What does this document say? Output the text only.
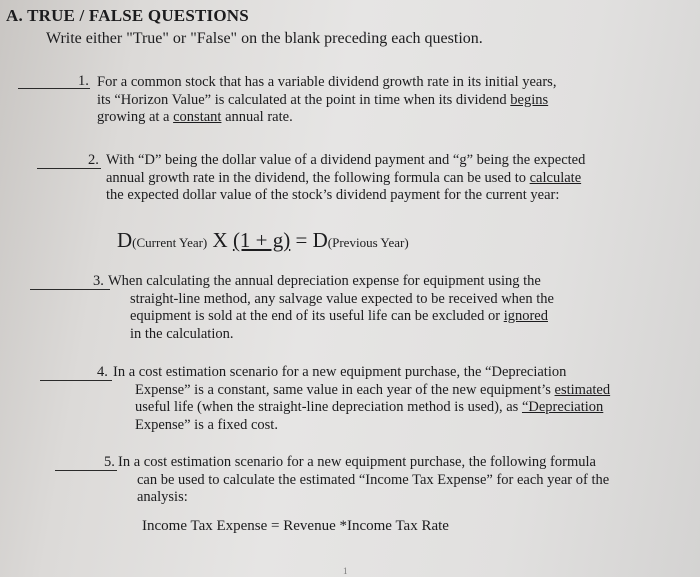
A. TRUE / FALSE QUESTIONS
Write either "True" or "False" on the blank preceding each question.
1. For a common stock that has a variable dividend growth rate in its initial years,
its “Horizon Value” is calculated at the point in time when its dividend begins
growing at a constant annual rate.
2. With “D” being the dollar value of a dividend payment and “g” being the expected
annual growth rate in the dividend, the following formula can be used to calculate
the expected dollar value of the stock’s dividend payment for the current year:
D(Current Year) X (1 + g) = D(Previous Year)
3. When calculating the annual depreciation expense for equipment using the
straight-line method, any salvage value expected to be received when the
equipment is sold at the end of its useful life can be excluded or ignored
in the calculation.
4. In a cost estimation scenario for a new equipment purchase, the “Depreciation
Expense” is a constant, same value in each year of the new equipment’s estimated
useful life (when the straight-line depreciation method is used), as “Depreciation
Expense” is a fixed cost.
5. In a cost estimation scenario for a new equipment purchase, the following formula
can be used to calculate the estimated “Income Tax Expense” for each year of the
analysis:
Income Tax Expense = Revenue *Income Tax Rate
1
